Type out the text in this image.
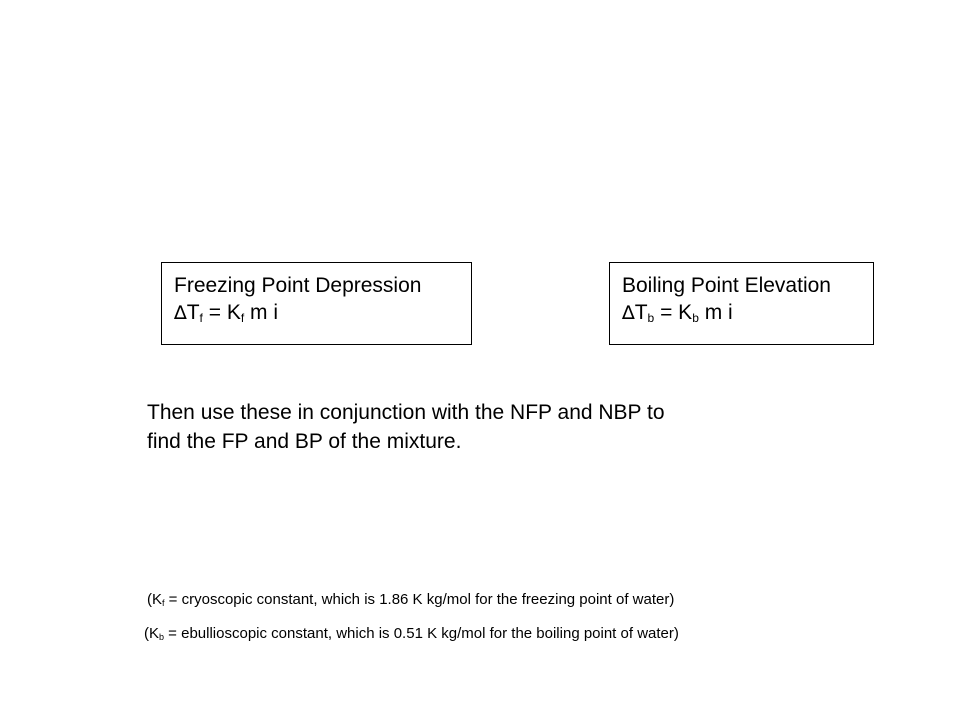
Freezing Point Depression
$\Delta T_f = K_f$ m i
Boiling Point Elevation
$\Delta T_b = K_b$ m i
Then use these in conjunction with the NFP and NBP to
find the FP and BP of the mixture.
($K_f$ = cryoscopic constant, which is 1.86 K kg/mol for the freezing point of water)
($K_b$ = ebullioscopic constant, which is 0.51 K kg/mol for the boiling point of water)
